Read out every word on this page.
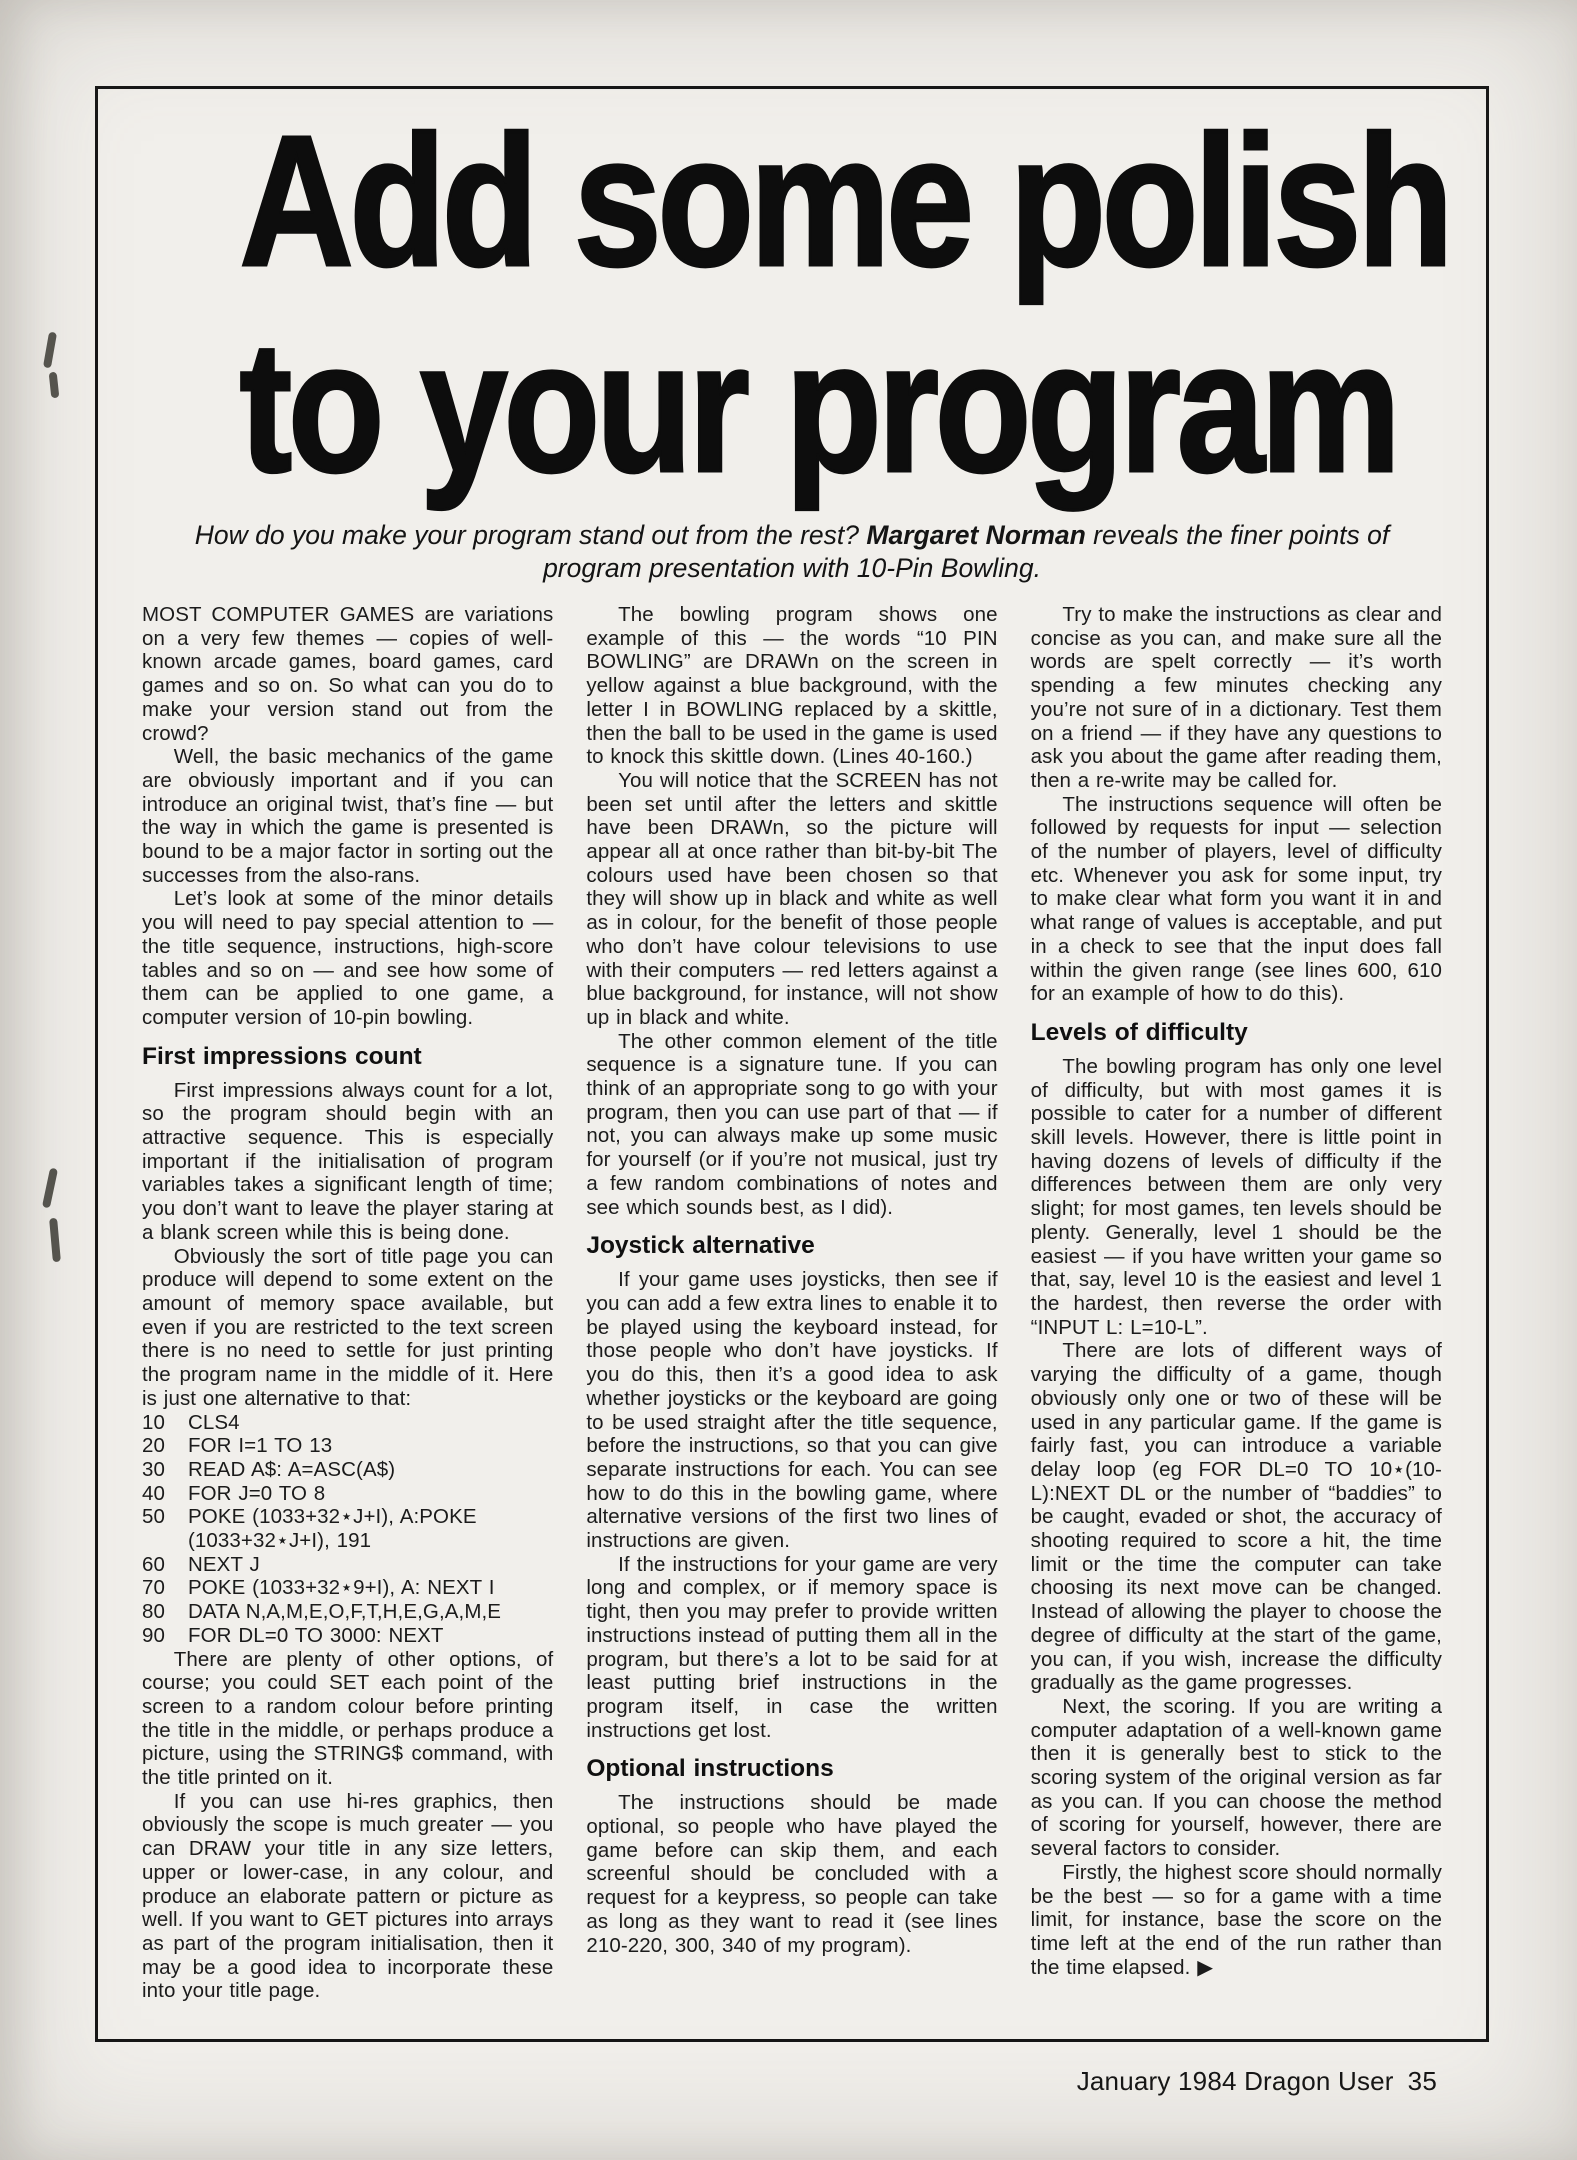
Add some polish
to your program
How do you make your program stand out from the rest? Margaret Norman reveals the finer points of program presentation with 10-Pin Bowling.

MOST COMPUTER GAMES are variations on a very few themes — copies of well-known arcade games, board games, card games and so on. So what can you do to make your version stand out from the crowd?

Well, the basic mechanics of the game are obviously important and if you can introduce an original twist, that’s fine — but the way in which the game is presented is bound to be a major factor in sorting out the successes from the also-rans.

Let’s look at some of the minor details you will need to pay special attention to — the title sequence, instructions, high-score tables and so on — and see how some of them can be applied to one game, a computer version of 10-pin bowling.

First impressions count

First impressions always count for a lot, so the program should begin with an attractive sequence. This is especially important if the initialisation of program variables takes a significant length of time; you don’t want to leave the player staring at a blank screen while this is being done.

Obviously the sort of title page you can produce will depend to some extent on the amount of memory space available, but even if you are restricted to the text screen there is no need to settle for just printing the program name in the middle of it. Here is just one alternative to that:

10	CLS4
20	FOR I=1 TO 13
30	READ A$: A=ASC(A$)
40	FOR J=0 TO 8
50	POKE (1033+32⋆J+I), A:POKE
(1033+32⋆J+I), 191
60	NEXT J
70	POKE (1033+32⋆9+I), A: NEXT I
80	DATA N,A,M,E,O,F,T,H,E,G,A,M,E
90	FOR DL=0 TO 3000: NEXT

There are plenty of other options, of course; you could SET each point of the screen to a random colour before printing the title in the middle, or perhaps produce a picture, using the STRING$ command, with the title printed on it.

If you can use hi-res graphics, then obviously the scope is much greater — you can DRAW your title in any size letters, upper or lower-case, in any colour, and produce an elaborate pattern or picture as well. If you want to GET pictures into arrays as part of the program initialisation, then it may be a good idea to incorporate these into your title page.

The bowling program shows one example of this — the words “10 PIN BOWLING” are DRAWn on the screen in yellow against a blue background, with the letter I in BOWLING replaced by a skittle, then the ball to be used in the game is used to knock this skittle down. (Lines 40-160.)

You will notice that the SCREEN has not been set until after the letters and skittle have been DRAWn, so the picture will appear all at once rather than bit-by-bit The colours used have been chosen so that they will show up in black and white as well as in colour, for the benefit of those people who don’t have colour televisions to use with their computers — red letters against a blue background, for instance, will not show up in black and white.

The other common element of the title sequence is a signature tune. If you can think of an appropriate song to go with your program, then you can use part of that — if not, you can always make up some music for yourself (or if you’re not musical, just try a few random combinations of notes and see which sounds best, as I did).

Joystick alternative

If your game uses joysticks, then see if you can add a few extra lines to enable it to be played using the keyboard instead, for those people who don’t have joysticks. If you do this, then it’s a good idea to ask whether joysticks or the keyboard are going to be used straight after the title sequence, before the instructions, so that you can give separate instructions for each. You can see how to do this in the bowling game, where alternative versions of the first two lines of instructions are given.

If the instructions for your game are very long and complex, or if memory space is tight, then you may prefer to provide written instructions instead of putting them all in the program, but there’s a lot to be said for at least putting brief instructions in the program itself, in case the written instructions get lost.

Optional instructions

The instructions should be made optional, so people who have played the game before can skip them, and each screenful should be concluded with a request for a keypress, so people can take as long as they want to read it (see lines 210-220, 300, 340 of my program).

Try to make the instructions as clear and concise as you can, and make sure all the words are spelt correctly — it’s worth spending a few minutes checking any you’re not sure of in a dictionary. Test them on a friend — if they have any questions to ask you about the game after reading them, then a re-write may be called for.

The instructions sequence will often be followed by requests for input — selection of the number of players, level of difficulty etc. Whenever you ask for some input, try to make clear what form you want it in and what range of values is acceptable, and put in a check to see that the input does fall within the given range (see lines 600, 610 for an example of how to do this).

Levels of difficulty

The bowling program has only one level of difficulty, but with most games it is possible to cater for a number of different skill levels. However, there is little point in having dozens of levels of difficulty if the differences between them are only very slight; for most games, ten levels should be plenty. Generally, level 1 should be the easiest — if you have written your game so that, say, level 10 is the easiest and level 1 the hardest, then reverse the order with “INPUT L: L=10-L”.

There are lots of different ways of varying the difficulty of a game, though obviously only one or two of these will be used in any particular game. If the game is fairly fast, you can introduce a variable delay loop (eg FOR DL=0 TO 10⋆(10-L):NEXT DL or the number of “baddies” to be caught, evaded or shot, the accuracy of shooting required to score a hit, the time limit or the time the computer can take choosing its next move can be changed. Instead of allowing the player to choose the degree of difficulty at the start of the game, you can, if you wish, increase the difficulty gradually as the game progresses.

Next, the scoring. If you are writing a computer adaptation of a well-known game then it is generally best to stick to the scoring system of the original version as far as you can. If you can choose the method of scoring for yourself, however, there are several factors to consider.

Firstly, the highest score should normally be the best — so for a game with a time limit, for instance, base the score on the time left at the end of the run rather than the time elapsed. ▶

January 1984 Dragon User 35
